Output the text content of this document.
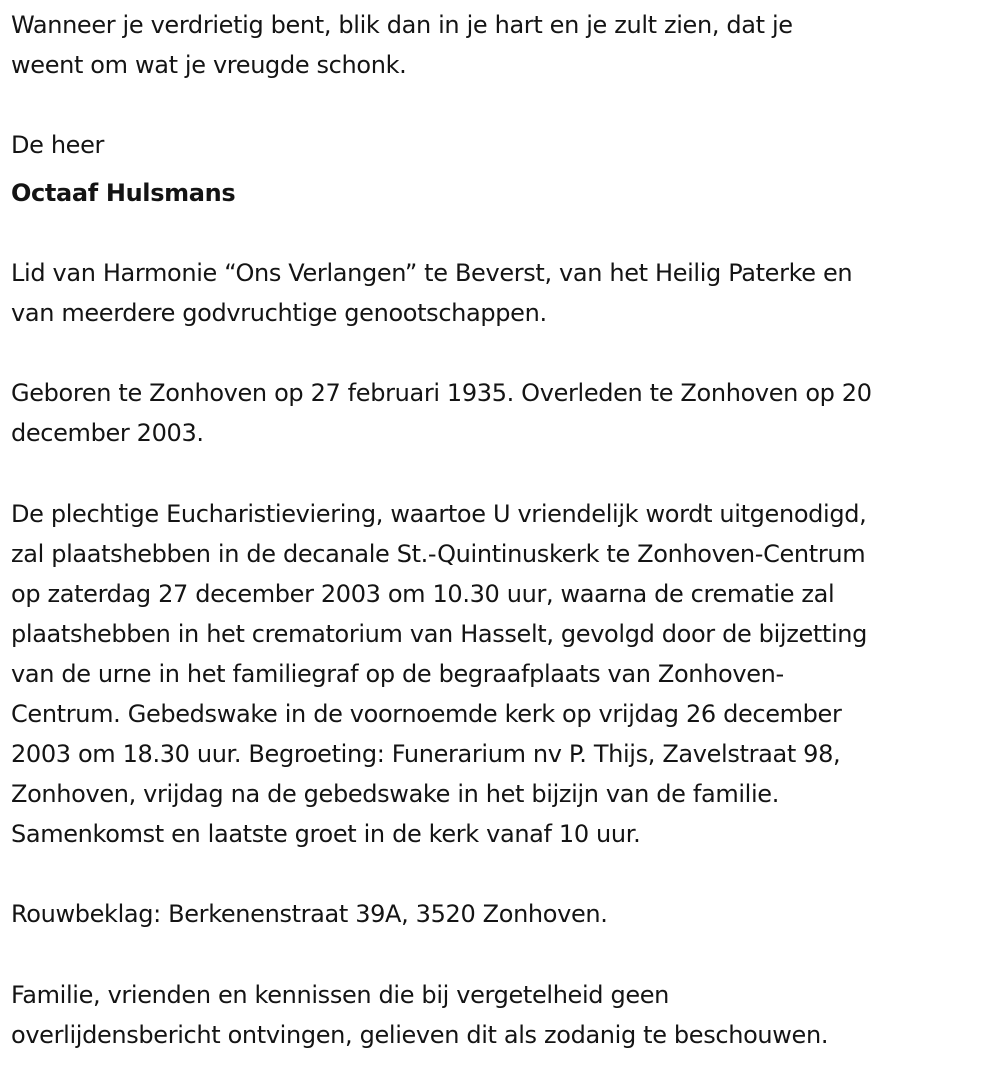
Wanneer je verdrietig bent, blik dan in je hart en je zult zien, dat je
weent om wat je vreugde schonk.

De heer

Octaaf Hulsmans

Lid van Harmonie “Ons Verlangen” te Beverst, van het Heilig Paterke en
van meerdere godvruchtige genootschappen.

Geboren te Zonhoven op 27 februari 1935. Overleden te Zonhoven op 20
december 2003.

De plechtige Eucharistieviering, waartoe U vriendelijk wordt uitgenodigd,
zal plaatshebben in de decanale St.-Quintinuskerk te Zonhoven-Centrum
op zaterdag 27 december 2003 om 10.30 uur, waarna de crematie zal
plaatshebben in het crematorium van Hasselt, gevolgd door de bijzetting
van de urne in het familiegraf op de begraafplaats van Zonhoven-
Centrum. Gebedswake in de voornoemde kerk op vrijdag 26 december
2003 om 18.30 uur. Begroeting: Funerarium nv P. Thijs, Zavelstraat 98,
Zonhoven, vrijdag na de gebedswake in het bijzijn van de familie.
Samenkomst en laatste groet in de kerk vanaf 10 uur.

Rouwbeklag: Berkenenstraat 39A, 3520 Zonhoven.

Familie, vrienden en kennissen die bij vergetelheid geen
overlijdensbericht ontvingen, gelieven dit als zodanig te beschouwen.
